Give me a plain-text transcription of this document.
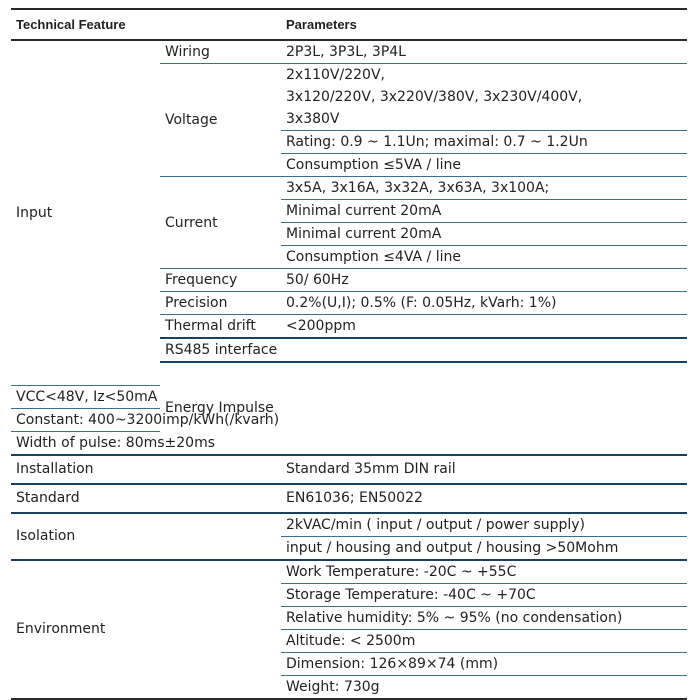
Technical Feature		Parameters	
Input	Wiring	2P3L, 3P3L, 3P4L	
	Voltage	2x110V/220V,
3x120/220V, 3x220V/380V, 3x230V/400V,
3x380V	

		Rating: 0.9 ~ 1.1Un; maximal: 0.7 ~ 1.2Un	
		Consumption ≤5VA / line	
	Current	3x5A, 3x16A, 3x32A, 3x63A, 3x100A;	
		Minimal current 20mA	
		Minimal current 20mA	
		Consumption ≤4VA / line	
	Frequency	50/ 60Hz	
	Precision	0.2%(U,I); 0.5% (F: 0.05Hz, kVarh: 1%)	
	Thermal drift	<200ppm	
	RS485 interface	
	Energy Impulse	
VCC<48V, Iz<50mA			
Constant: 400~3200imp/kWh(/kvarh)			
Width of pulse: 80ms±20ms			
Installation		Standard 35mm DIN rail	
Standard		EN61036; EN50022	
Isolation		2kVAC/min ( input / output / power supply)	
		input / housing and output / housing >50Mohm	
Environment		Work Temperature: -20C ~ +55C	
		Storage Temperature: -40C ~ +70C	
		Relative humidity: 5% ~ 95% (no condensation)	
		Altitude: < 2500m	
		Dimension: 126×89×74 (mm)	
		Weight: 730g	
